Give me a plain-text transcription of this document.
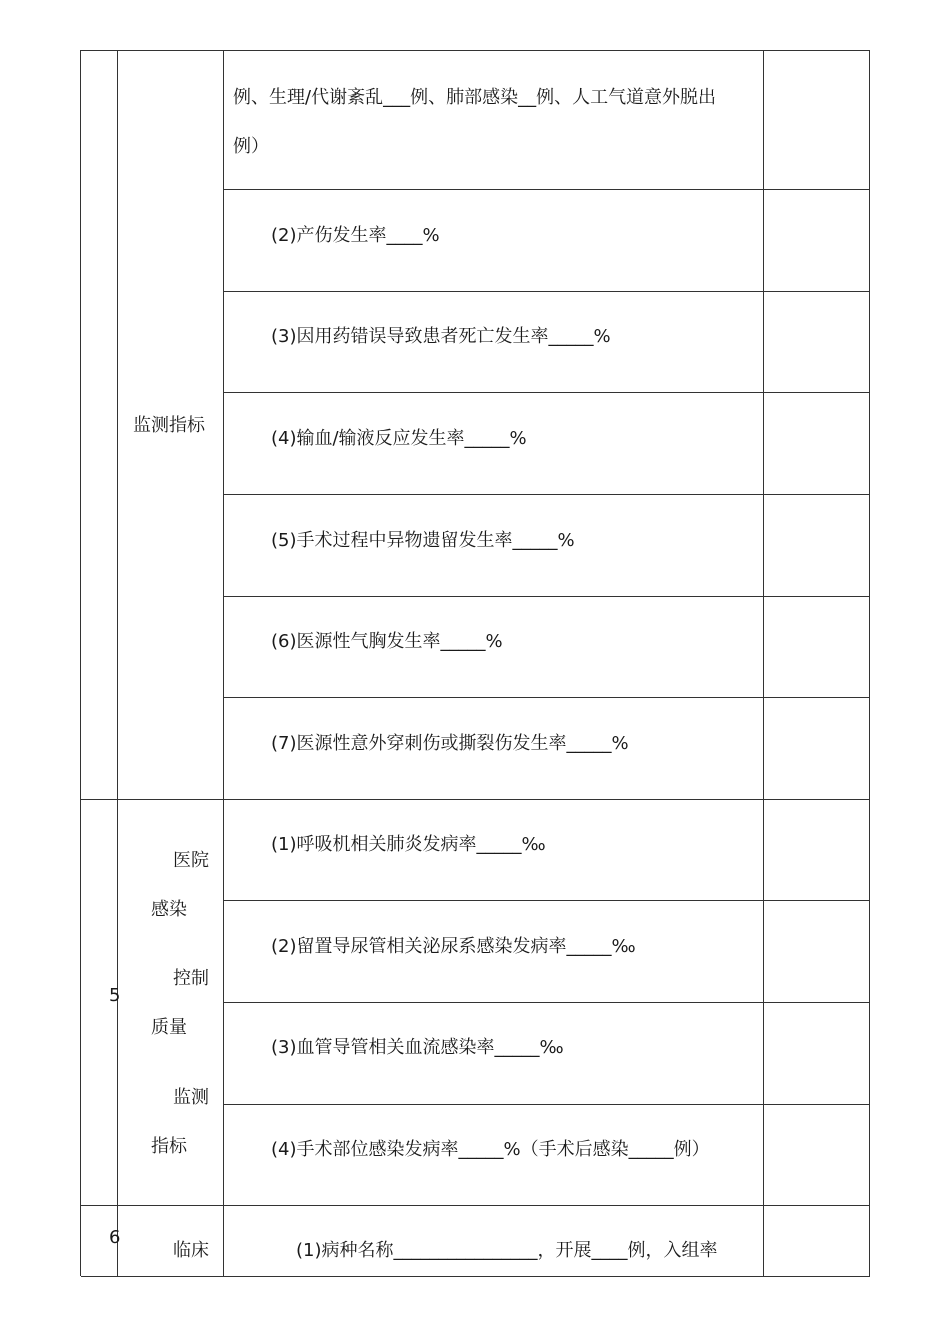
监测指标
例、生理/代谢紊乱___例、肺部感染__例、人工气道意外脱出
例）
(2)产伤发生率____%
(3)因用药错误导致患者死亡发生率_____%
(4)输血/输液反应发生率_____%
(5)手术过程中异物遗留发生率_____%
(6)医源性气胸发生率_____%
(7)医源性意外穿刺伤或撕裂伤发生率_____%
5
医院
感染
控制
质量
监测
指标
(1)呼吸机相关肺炎发病率_____‰
(2)留置导尿管相关泌尿系感染发病率_____‰
(3)血管导管相关血流感染率_____‰
(4)手术部位感染发病率_____%（手术后感染_____例）
6
临床	(1)病种名称________________，开展____例，入组率
